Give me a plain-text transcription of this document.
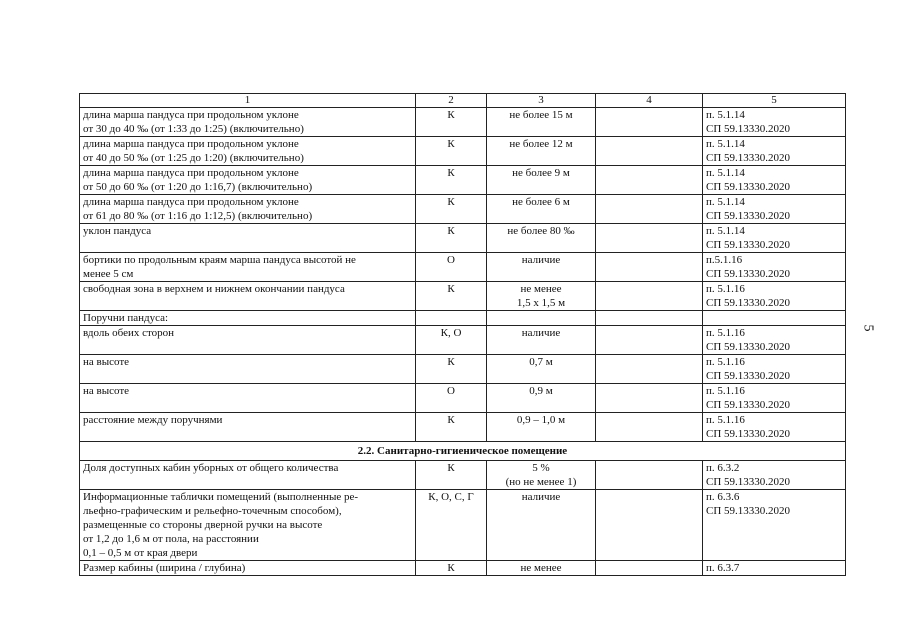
1	2	3	4	5

длина марша пандуса при продольном уклоне
от 30 до 40 ‰ (от 1:33 до 1:25) (включительно)	К	не более 15 м		п. 5.1.14
СП 59.13330.2020

длина марша пандуса при продольном уклоне
от 40 до 50 ‰ (от 1:25 до 1:20) (включительно)	К	не более 12 м		п. 5.1.14
СП 59.13330.2020

длина марша пандуса при продольном уклоне
от 50 до 60 ‰ (от 1:20 до 1:16,7) (включительно)	К	не более 9 м		п. 5.1.14
СП 59.13330.2020

длина марша пандуса при продольном уклоне
от 61 до 80 ‰ (от 1:16 до 1:12,5) (включительно)	К	не более 6 м		п. 5.1.14
СП 59.13330.2020

уклон пандуса	К	не более 80 ‰		п. 5.1.14
СП 59.13330.2020

бортики по продольным краям марша пандуса высотой не
менее 5 см	О	наличие		п.5.1.16
СП 59.13330.2020

свободная зона в верхнем и нижнем окончании пандуса	К	не менее
1,5 х 1,5 м		п. 5.1.16
СП 59.13330.2020

Поручни пандуса:				

вдоль обеих сторон	К, О	наличие		п. 5.1.16
СП 59.13330.2020

на высоте	К	0,7 м		п. 5.1.16
СП 59.13330.2020

на высоте	О	0,9 м		п. 5.1.16
СП 59.13330.2020

расстояние между поручнями	К	0,9 – 1,0 м		п. 5.1.16
СП 59.13330.2020

2.2. Санитарно-гигиеническое помещение				

Доля доступных кабин уборных от общего количества	К	5 %
(но не менее 1)		п. 6.3.2
СП 59.13330.2020

Информационные таблички помещений (выполненные ре-
льефно-графическим и рельефно-точечным способом),
размещенные со стороны дверной ручки на высоте
от 1,2 до 1,6 м от пола, на расстоянии
0,1 – 0,5 м от края двери	К, О, С, Г	наличие		п. 6.3.6
СП 59.13330.2020

Размер кабины (ширина / глубина)	К	не менее		п. 6.3.7
5
